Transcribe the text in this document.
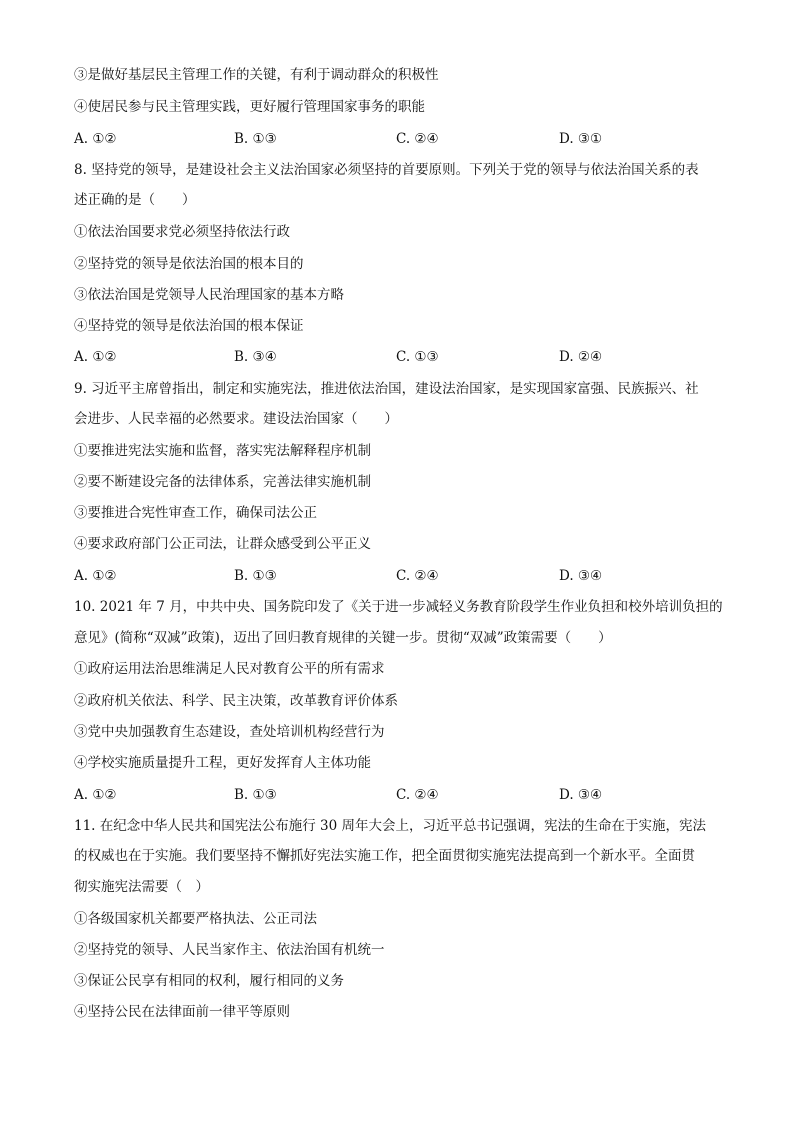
③是做好基层民主管理工作的关键，有利于调动群众的积极性
④使居民参与民主管理实践，更好履行管理国家事务的职能
A. ①②	B. ①③	C. ②④	D. ③①
8. 坚持党的领导，是建设社会主义法治国家必须坚持的首要原则。下列关于党的领导与依法治国关系的表
述正确的是（　　）
①依法治国要求党必须坚持依法行政
②坚持党的领导是依法治国的根本目的
③依法治国是党领导人民治理国家的基本方略
④坚持党的领导是依法治国的根本保证
A. ①②	B. ③④	C. ①③	D. ②④
9. 习近平主席曾指出，制定和实施宪法，推进依法治国，建设法治国家，是实现国家富强、民族振兴、社
会进步、人民幸福的必然要求。建设法治国家（　　）
①要推进宪法实施和监督，落实宪法解释程序机制
②要不断建设完备的法律体系，完善法律实施机制
③要推进合宪性审查工作，确保司法公正
④要求政府部门公正司法，让群众感受到公平正义
A. ①②	B. ①③	C. ②④	D. ③④
10. 2021 年 7 月，中共中央、国务院印发了《关于进一步减轻义务教育阶段学生作业负担和校外培训负担的
意见》(简称“双减”政策)，迈出了回归教育规律的关键一步。贯彻“双减”政策需要（　　）
①政府运用法治思维满足人民对教育公平的所有需求
②政府机关依法、科学、民主决策，改革教育评价体系
③党中央加强教育生态建设，查处培训机构经营行为
④学校实施质量提升工程，更好发挥育人主体功能
A. ①②	B. ①③	C. ②④	D. ③④
11. 在纪念中华人民共和国宪法公布施行 30 周年大会上，习近平总书记强调，宪法的生命在于实施，宪法
的权威也在于实施。我们要坚持不懈抓好宪法实施工作，把全面贯彻实施宪法提高到一个新水平。全面贯
彻实施宪法需要（　）
①各级国家机关都要严格执法、公正司法
②坚持党的领导、人民当家作主、依法治国有机统一
③保证公民享有相同的权利，履行相同的义务
④坚持公民在法律面前一律平等原则
